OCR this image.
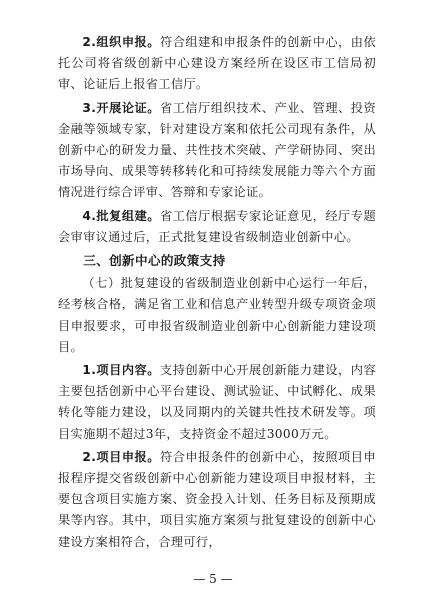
2.组织申报。符合组建和申报条件的创新中心，由依托公司将省级创新中心建设方案经所在设区市工信局初审、论证后上报省工信厅。

3.开展论证。省工信厅组织技术、产业、管理、投资金融等领域专家，针对建设方案和依托公司现有条件，从创新中心的研发力量、共性技术突破、产学研协同、突出市场导向、成果等转移转化和可持续发展能力等六个方面情况进行综合评审、答辩和专家论证。

4.批复组建。省工信厅根据专家论证意见，经厅专题会审审议通过后，正式批复建设省级制造业创新中心。

三、创新中心的政策支持

（七）批复建设的省级制造业创新中心运行一年后，经考核合格，满足省工业和信息产业转型升级专项资金项目申报要求，可申报省级制造业创新中心创新能力建设项目。

1.项目内容。支持创新中心开展创新能力建设，内容主要包括创新中心平台建设、测试验证、中试孵化、成果转化等能力建设，以及同期内的关键共性技术研发等。项目实施期不超过3年，支持资金不超过3000万元。

2.项目申报。符合申报条件的创新中心，按照项目申报程序提交省级创新中心创新能力建设项目申报材料，主要包含项目实施方案、资金投入计划、任务目标及预期成果等内容。其中，项目实施方案须与批复建设的创新中心建设方案相符合，合理可行，

— 5 —
